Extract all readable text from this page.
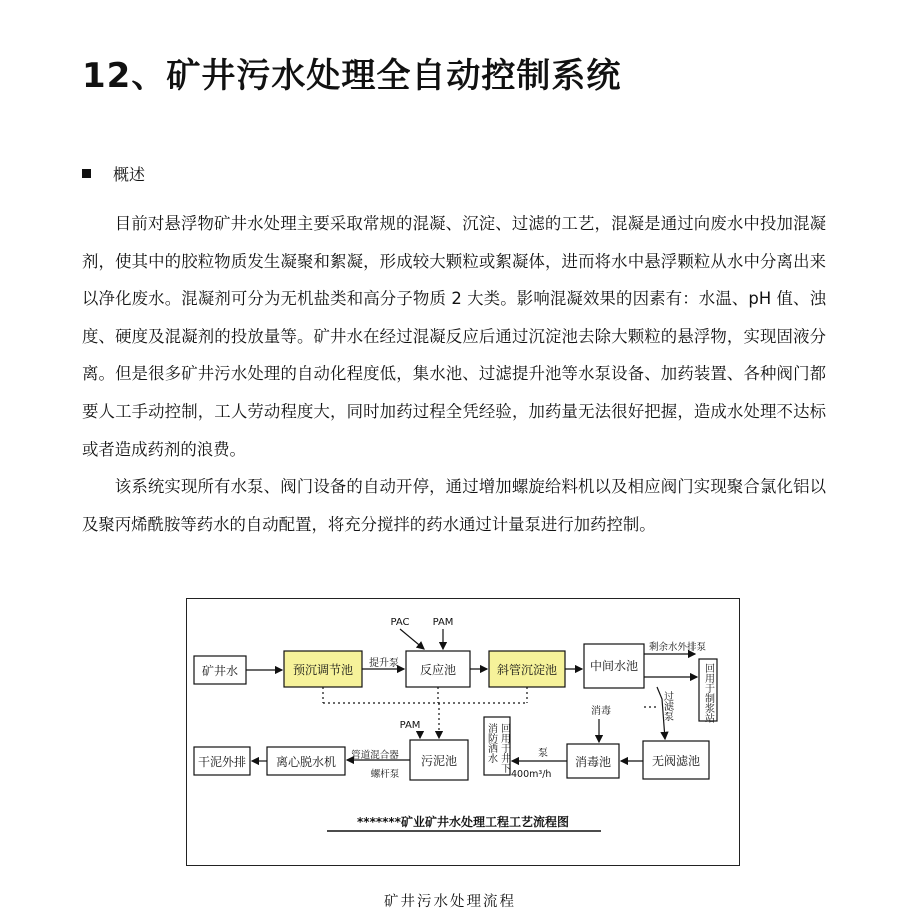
12、矿井污水处理全自动控制系统
概述

目前对悬浮物矿井水处理主要采取常规的混凝、沉淀、过滤的工艺，混凝是通过向废水中投加混凝剂，使其中的胶粒物质发生凝聚和絮凝，形成较大颗粒或絮凝体，进而将水中悬浮颗粒从水中分离出来以净化废水。混凝剂可分为无机盐类和高分子物质 2 大类。影响混凝效果的因素有：水温、pH 值、浊度、硬度及混凝剂的投放量等。矿井水在经过混凝反应后通过沉淀池去除大颗粒的悬浮物，实现固液分离。但是很多矿井污水处理的自动化程度低，集水池、过滤提升池等水泵设备、加药装置、各种阀门都要人工手动控制，工人劳动程度大，同时加药过程全凭经验，加药量无法很好把握，造成水处理不达标或者造成药剂的浪费。

该系统实现所有水泵、阀门设备的自动开停，通过增加螺旋给料机以及相应阀门实现聚合氯化铝以及聚丙烯酰胺等药水的自动配置，将充分搅拌的药水通过计量泵进行加药控制。

矿井水	预沉调节池	反应池	斜管沉淀池	中间水池
无阀滤池
消毒池
污泥池
离心脱水机
干泥外排	回用于井下
消防洒水
回用于制浆站
过滤泵
PAC PAM
提升泵
剩余水外排泵
消毒
泵
400m³/h
PAM
管道混合器
螺杆泵
*******矿业矿井水处理工程工艺流程图
矿井污水处理流程
